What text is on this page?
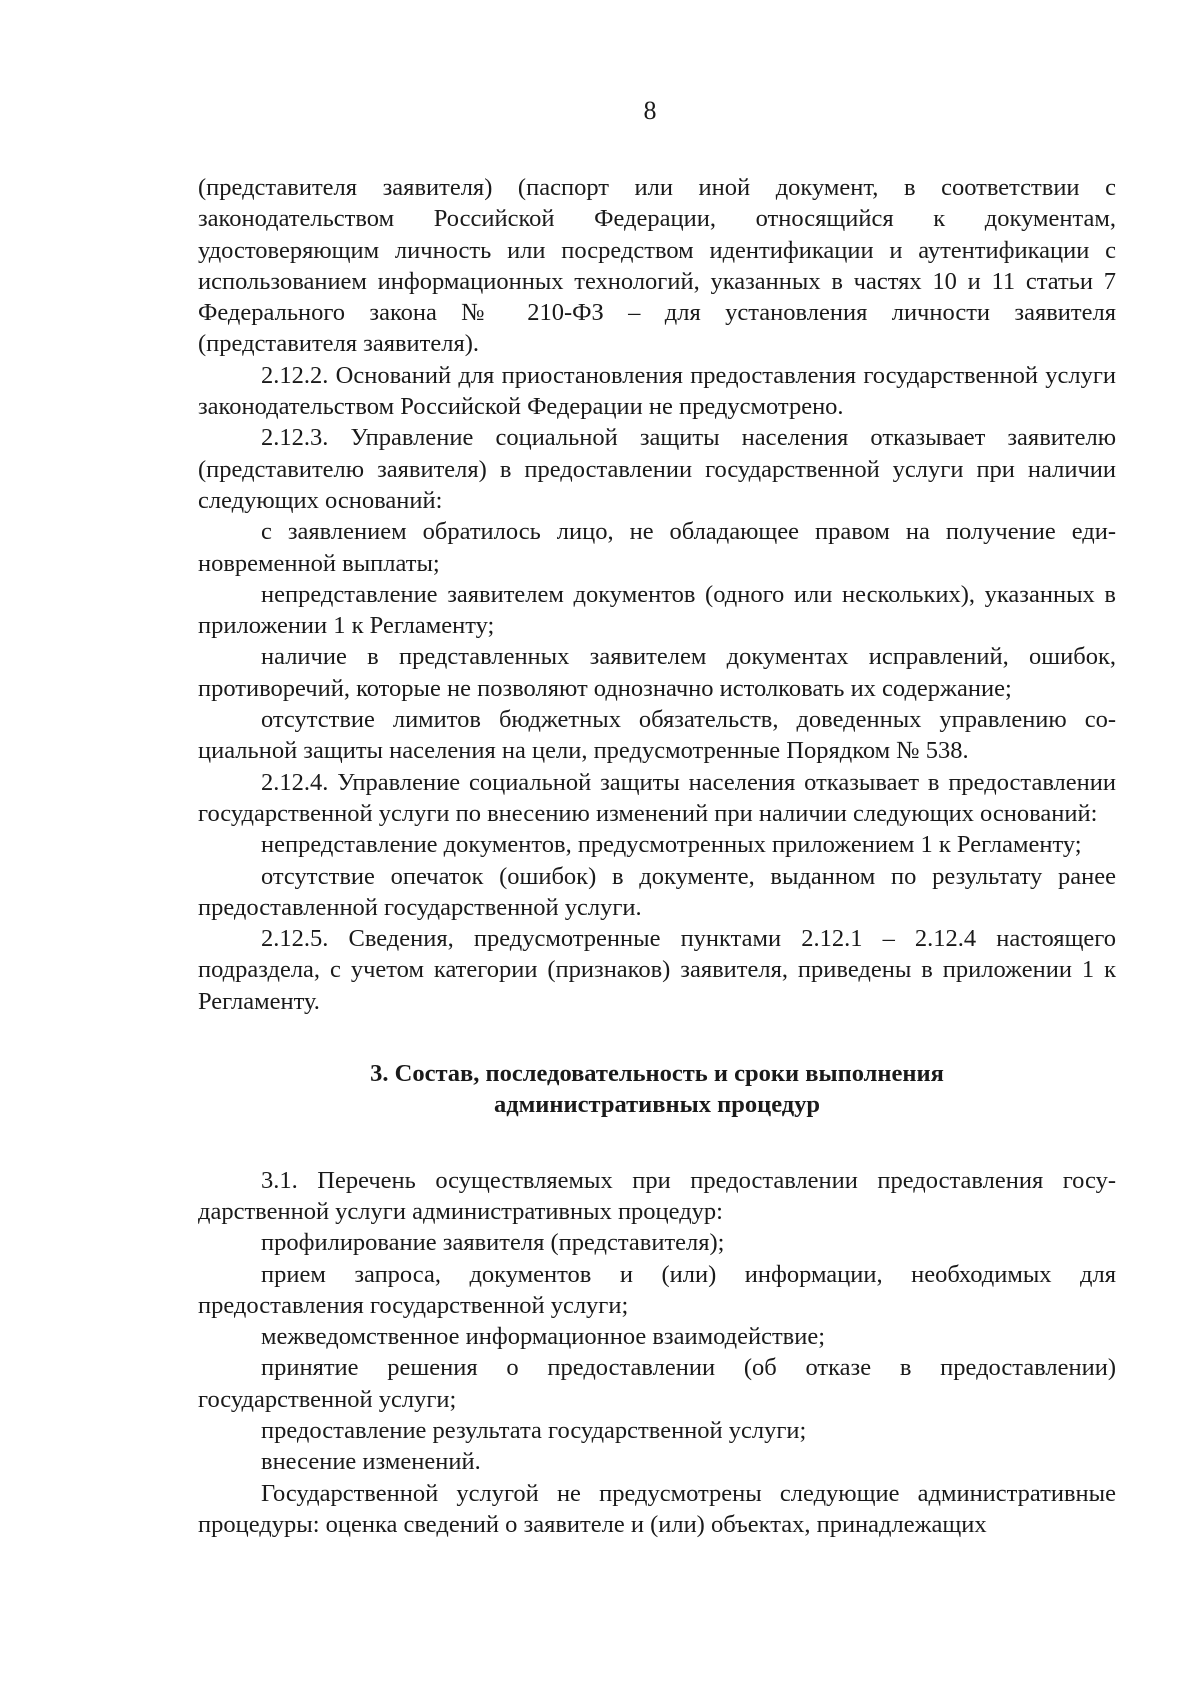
8

(представителя заявителя) (паспорт или иной документ, в соответствии с законодательством Российской Федерации, относящийся к документам, удостоверяющим личность или посредством идентификации и аутентификации с использованием информационных технологий, указанных в частях 10 и 11 статьи 7 Федерального закона № 210-ФЗ – для установления личности заявителя (представителя заявителя).

2.12.2. Оснований для приостановления предоставления государственной услуги законодательством Российской Федерации не предусмотрено.

2.12.3. Управление социальной защиты населения отказывает заявителю (представителю заявителя) в предоставлении государственной услуги при наличии следующих оснований:

с заявлением обратилось лицо, не обладающее правом на получение единовременной выплаты;

непредставление заявителем документов (одного или нескольких), указанных в приложении 1 к Регламенту;

наличие в представленных заявителем документах исправлений, ошибок, противоречий, которые не позволяют однозначно истолковать их содержание;

отсутствие лимитов бюджетных обязательств, доведенных управлению социальной защиты населения на цели, предусмотренные Порядком № 538.

2.12.4. Управление социальной защиты населения отказывает в предоставлении государственной услуги по внесению изменений при наличии следующих оснований:

непредставление документов, предусмотренных приложением 1 к Регламенту;

отсутствие опечаток (ошибок) в документе, выданном по результату ранее предоставленной государственной услуги.

2.12.5. Сведения, предусмотренные пунктами 2.12.1 – 2.12.4 настоящего подраздела, с учетом категории (признаков) заявителя, приведены в приложении 1 к Регламенту.

3. Состав, последовательность и сроки выполнения
административных процедур

3.1. Перечень осуществляемых при предоставлении предоставления государственной услуги административных процедур:

профилирование заявителя (представителя);

прием запроса, документов и (или) информации, необходимых для предоставления государственной услуги;

межведомственное информационное взаимодействие;

принятие решения о предоставлении (об отказе в предоставлении) государственной услуги;

предоставление результата государственной услуги;

внесение изменений.

Государственной услугой не предусмотрены следующие административные процедуры: оценка сведений о заявителе и (или) объектах, принадлежащих
